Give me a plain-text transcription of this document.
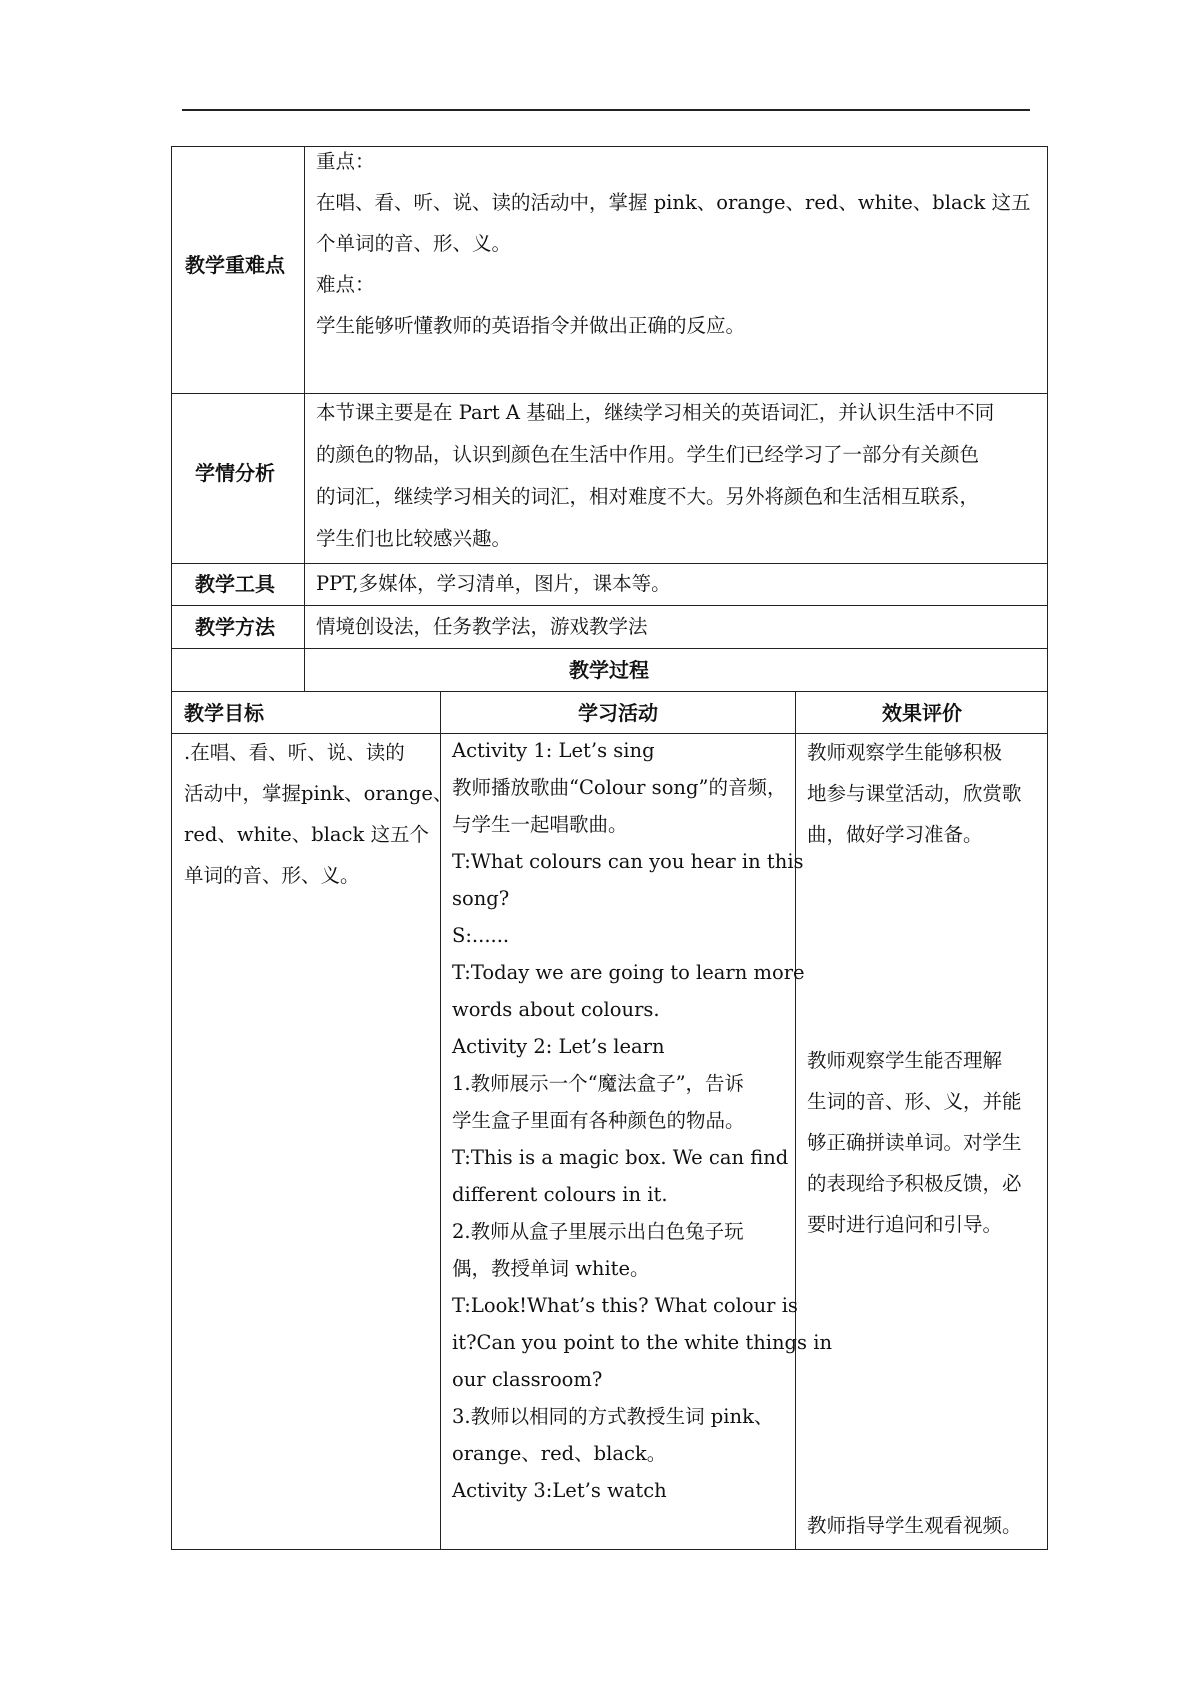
教学重难点
重点：
在唱、看、听、说、读的活动中，掌握 pink、orange、red、white、black 这五
个单词的音、形、义。
难点：
学生能够听懂教师的英语指令并做出正确的反应。
学情分析
本节课主要是在 Part A 基础上，继续学习相关的英语词汇，并认识生活中不同
的颜色的物品，认识到颜色在生活中作用。学生们已经学习了一部分有关颜色
的词汇，继续学习相关的词汇，相对难度不大。另外将颜色和生活相互联系，
学生们也比较感兴趣。
教学工具 PPT,多媒体，学习清单，图片，课本等。
教学方法 情境创设法，任务教学法，游戏教学法
教学过程
教学目标	学习活动	效果评价
.在唱、看、听、说、读的
活动中，掌握pink、orange、
red、white、black 这五个
单词的音、形、义。
Activity 1: Let’s sing
教师播放歌曲“Colour song”的音频，
与学生一起唱歌曲。
T:What colours can you hear in this
song?
S:......
T:Today we are going to learn more
words about colours.
Activity 2: Let’s learn
1.教师展示一个“魔法盒子”，告诉
学生盒子里面有各种颜色的物品。
T:This is a magic box. We can find
different colours in it.
2.教师从盒子里展示出白色兔子玩
偶，教授单词 white。
T:Look!What’s this? What colour is
it?Can you point to the white things in
our classroom?
3.教师以相同的方式教授生词 pink、
orange、red、black。
Activity 3:Let’s watch
教师观察学生能够积极
地参与课堂活动，欣赏歌
曲，做好学习准备。
教师观察学生能否理解
生词的音、形、义，并能
够正确拼读单词。对学生
的表现给予积极反馈，必
要时进行追问和引导。
教师指导学生观看视频。
